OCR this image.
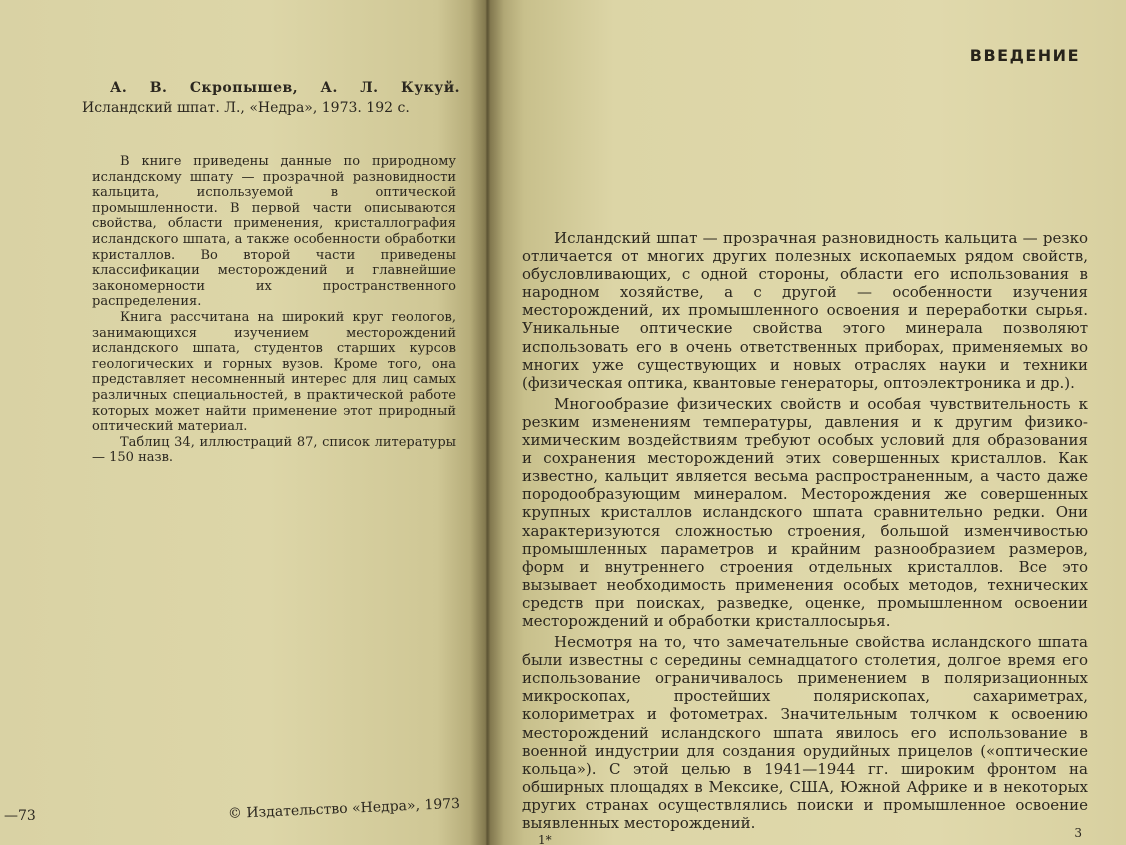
А. В. Скропышев, А. Л. Кукуй. Исландский шпат. Л., «Недра», 1973. 192 с.

В книге приведены данные по природному исландскому шпату — прозрачной разновидности кальцита, используемой в оптической промышленности. В первой части описываются свойства, области применения, кристаллография исландского шпата, а также особенности обработки кристаллов. Во второй части приведены классификации месторождений и главнейшие закономерности их пространственного распределения.

Книга рассчитана на широкий круг геологов, занимающихся изучением месторождений исландского шпата, студентов старших курсов геологических и горных вузов. Кроме того, она представляет несомненный интерес для лиц самых различных специальностей, в практической работе которых может найти применение этот природный оптический материал.

Таблиц 34, иллюстраций 87, список литературы — 150 назв.

—73	© Издательство «Недра», 1973
ВВЕДЕНИЕ

Исландский шпат — прозрачная разновидность кальцита — резко отличается от многих других полезных ископаемых рядом свойств, обусловливающих, с одной стороны, области его использования в народном хозяйстве, а с другой — особенности изучения месторождений, их промышленного освоения и переработки сырья. Уникальные оптические свойства этого минерала позволяют использовать его в очень ответственных приборах, применяемых во многих уже существующих и новых отраслях науки и техники (физическая оптика, квантовые генераторы, оптоэлектроника и др.).

Многообразие физических свойств и особая чувствительность к резким изменениям температуры, давления и к другим физико-химическим воздействиям требуют особых условий для образования и сохранения месторождений этих совершенных кристаллов. Как известно, кальцит является весьма распространенным, а часто даже породообразующим минералом. Месторождения же совершенных крупных кристаллов исландского шпата сравнительно редки. Они характеризуются сложностью строения, большой изменчивостью промышленных параметров и крайним разнообразием размеров, форм и внутреннего строения отдельных кристаллов. Все это вызывает необходимость применения особых методов, технических средств при поисках, разведке, оценке, промышленном освоении месторождений и обработки кристаллосырья.

Несмотря на то, что замечательные свойства исландского шпата были известны с середины семнадцатого столетия, долгое время его использование ограничивалось применением в поляризационных микроскопах, простейших полярископах, сахариметрах, колориметрах и фотометрах. Значительным толчком к освоению месторождений исландского шпата явилось его использование в военной индустрии для создания орудийных прицелов («оптические кольца»). С этой целью в 1941—1944 гг. широким фронтом на обширных площадях в Мексике, США, Южной Африке и в некоторых других странах осуществлялись поиски и промышленное освоение выявленных месторождений.

1*	3
